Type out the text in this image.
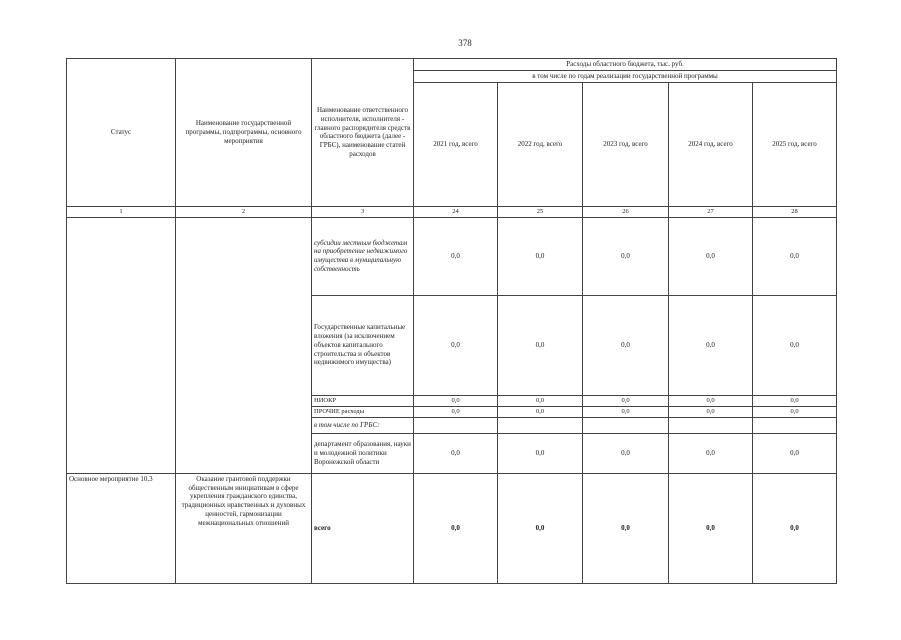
378
Статус	Наименование государственной программы, подпрограммы, основного мероприятия	Наименование ответственного исполнителя, исполнителя - главного распорядителя средств областного бюджета (далее - ГРБС), наименование статей расходов	Расходы областного бюджета, тыс. руб.				
			в том числе по годам реализации государственной программы				
			2021 год, всего	2022 год, всего	2023 год, всего	2024 год, всего	2025 год, всего
1	2	3	24	25	26	27	28
		субсидии местным бюджетам на приобретение недвижимого имущества в муниципальную собственность	0,0	0,0	0,0	0,0	0,0
		Государственные капитальные вложения (за исключением объектов капитального строительства и объектов недвижимого имущества)	0,0	0,0	0,0	0,0	0,0
		НИОКР	0,0	0,0	0,0	0,0	0,0
		ПРОЧИЕ расходы	0,0	0,0	0,0	0,0	0,0
		в том числе по ГРБС:					
		департамент образования, науки и молодежной политики Воронежской области	0,0	0,0	0,0	0,0	0,0
Основное мероприятие 10.3	Оказание грантовой поддержки общественным инициативам в сфере укрепления гражданского единства, традиционных нравственных и духовных ценностей, гармонизации межнациональных отношений	всего	0,0	0,0	0,0	0,0	0,0
